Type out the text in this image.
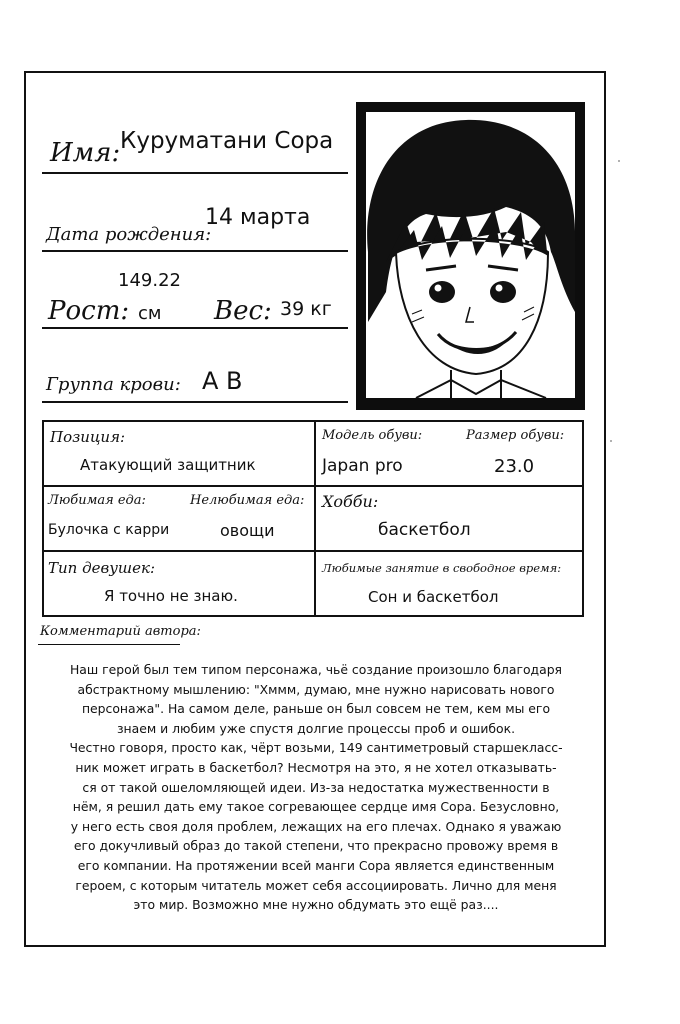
Имя: Куруматани Сора
Дата рождения:
14 марта
149.22
Рост: см Вес: 39 кг
Группа крови: A B
Позиция:
Атакующий защитник
Модель обуви:	Размер обуви:
Japan pro	23.0
Любимая еда:	Нелюбимая еда:
Булочка с карри	овощи
Хобби:
баскетбол
Тип девушек:
Я точно не знаю.
Любимые занятие в свободное время:
Сон и баскетбол
Комментарий автора:
Наш герой был тем типом персонажа, чьё создание произошло благодаря
абстрактному мышлению: "Хммм, думаю, мне нужно нарисовать нового
персонажа". На самом деле, раньше он был совсем не тем, кем мы его
знаем и любим уже спустя долгие процессы проб и ошибок.
Честно говоря, просто как, чёрт возьми, 149 сантиметровый старшекласс-
ник может играть в баскетбол? Несмотря на это, я не хотел отказывать-
ся от такой ошеломляющей идеи. Из-за недостатка мужественности в
нём, я решил дать ему такое согревающее сердце имя Сора. Безусловно,
у него есть своя доля проблем, лежащих на его плечах. Однако я уважаю
его докучливый образ до такой степени, что прекрасно провожу время в
его компании. На протяжении всей манги Сора является единственным
героем, с которым читатель может себя ассоциировать. Лично для меня
это мир. Возможно мне нужно обдумать это ещё раз....
